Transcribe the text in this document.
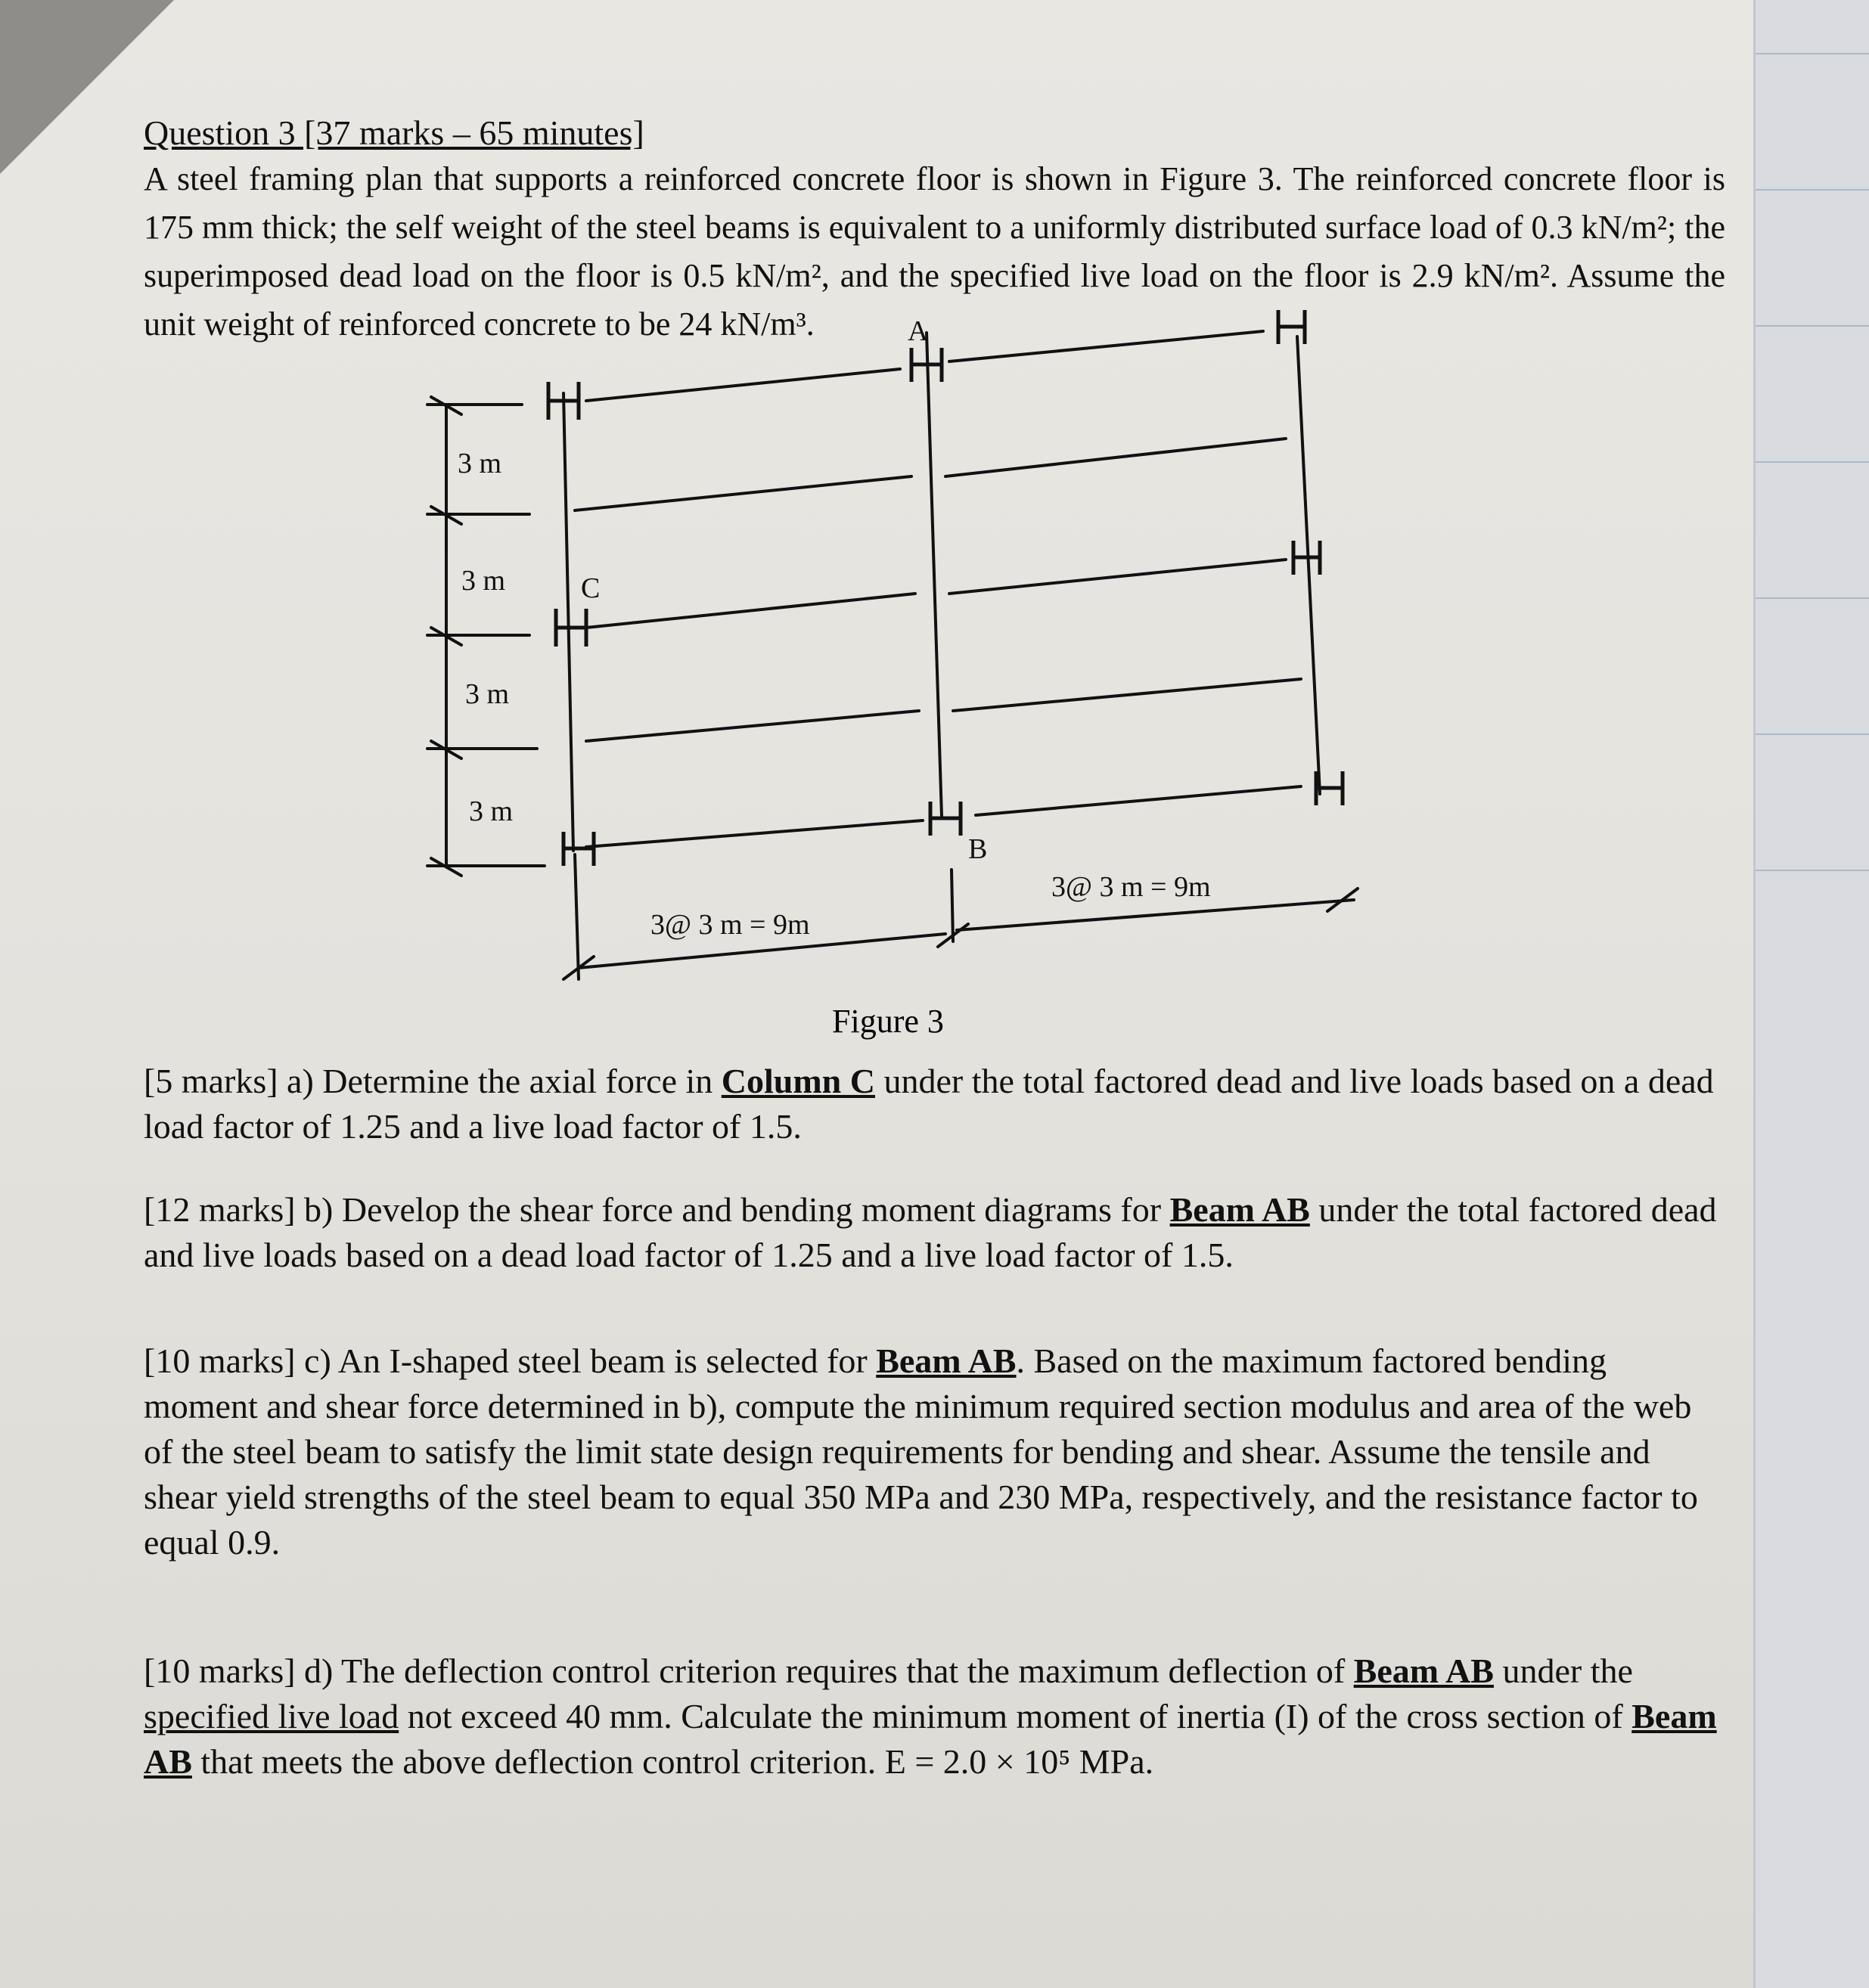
Question 3 [37 marks – 65 minutes]

A steel framing plan that supports a reinforced concrete floor is shown in Figure 3. The reinforced concrete floor is 175 mm thick; the self weight of the steel beams is equivalent to a uniformly distributed surface load of 0.3 kN/m²; the superimposed dead load on the floor is 0.5 kN/m², and the specified live load on the floor is 2.9 kN/m². Assume the unit weight of reinforced concrete to be 24 kN/m³.	A
B
C
3 m
3 m
3 m
3 m
3@ 3 m = 9m
3@ 3 m = 9m
Figure 3

[5 marks] a) Determine the axial force in Column C under the total factored dead and live loads based on a dead load factor of 1.25 and a live load factor of 1.5.

[12 marks] b) Develop the shear force and bending moment diagrams for Beam AB under the total factored dead and live loads based on a dead load factor of 1.25 and a live load factor of 1.5.

[10 marks] c) An I-shaped steel beam is selected for Beam AB. Based on the maximum factored bending moment and shear force determined in b), compute the minimum required section modulus and area of the web of the steel beam to satisfy the limit state design requirements for bending and shear. Assume the tensile and shear yield strengths of the steel beam to equal 350 MPa and 230 MPa, respectively, and the resistance factor to equal 0.9.

[10 marks] d) The deflection control criterion requires that the maximum deflection of Beam AB under the specified live load not exceed 40 mm. Calculate the minimum moment of inertia (I) of the cross section of Beam AB that meets the above deflection control criterion. E = 2.0 × 10⁵ MPa.
